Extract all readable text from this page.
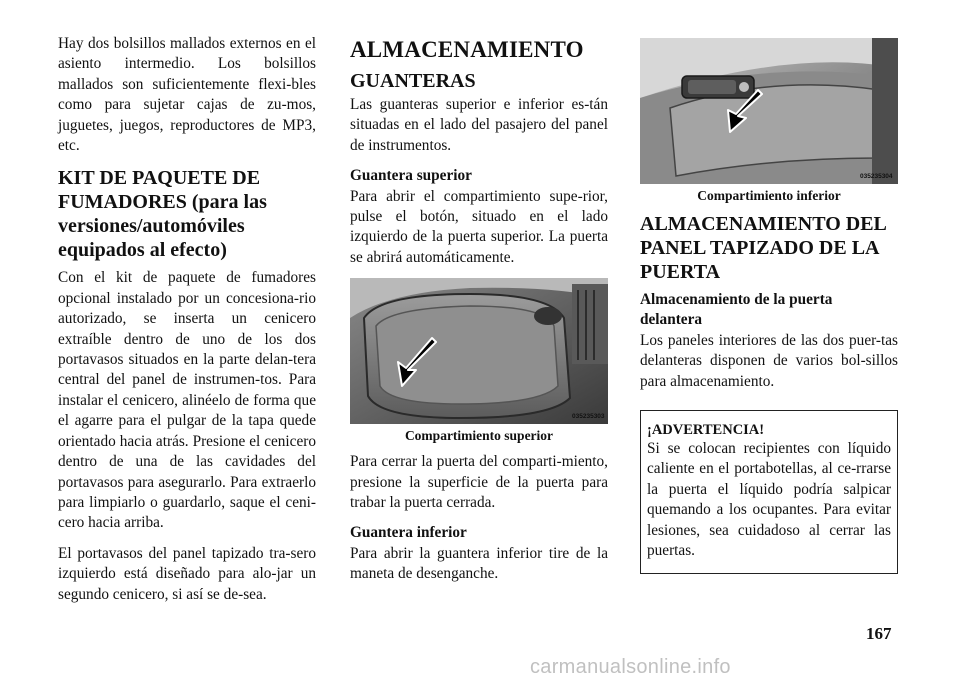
Hay dos bolsillos mallados externos en el asiento intermedio. Los bolsillos mallados son suficientemente flexi-bles como para sujetar cajas de zu-mos, juguetes, juegos, reproductores de MP3, etc.

KIT DE PAQUETE DE FUMADORES (para las versiones/automóviles equipados al efecto)

Con el kit de paquete de fumadores opcional instalado por un concesiona-rio autorizado, se inserta un cenicero extraíble dentro de uno de los dos portavasos situados en la parte delan-tera central del panel de instrumen-tos. Para instalar el cenicero, alinéelo de forma que el agarre para el pulgar de la tapa quede orientado hacia atrás. Presione el cenicero dentro de una de las cavidades del portavasos para asegurarlo. Para extraerlo para limpiarlo o guardarlo, saque el ceni-cero hacia arriba.

El portavasos del panel tapizado tra-sero izquierdo está diseñado para alo-jar un segundo cenicero, si así se de-sea.

ALMACENAMIENTO
GUANTERAS

Las guanteras superior e inferior es-tán situadas en el lado del pasajero del panel de instrumentos.

Guantera superior

Para abrir el compartimiento supe-rior, pulse el botón, situado en el lado izquierdo de la puerta superior. La puerta se abrirá automáticamente.

035235303
Compartimiento superior

Para cerrar la puerta del comparti-miento, presione la superficie de la puerta para trabar la puerta cerrada.

Guantera inferior

Para abrir la guantera inferior tire de la maneta de desenganche.

035235304
Compartimiento inferior
ALMACENAMIENTO DEL PANEL TAPIZADO DE LA PUERTA
Almacenamiento de la puerta delantera

Los paneles interiores de las dos puer-tas delanteras disponen de varios bol-sillos para almacenamiento.

¡ADVERTENCIA!

Si se colocan recipientes con líquido caliente en el portabotellas, al ce-rrarse la puerta el líquido podría salpicar quemando a los ocupantes. Para evitar lesiones, sea cuidadoso al cerrar las puertas.

167
carmanualsonline.info
